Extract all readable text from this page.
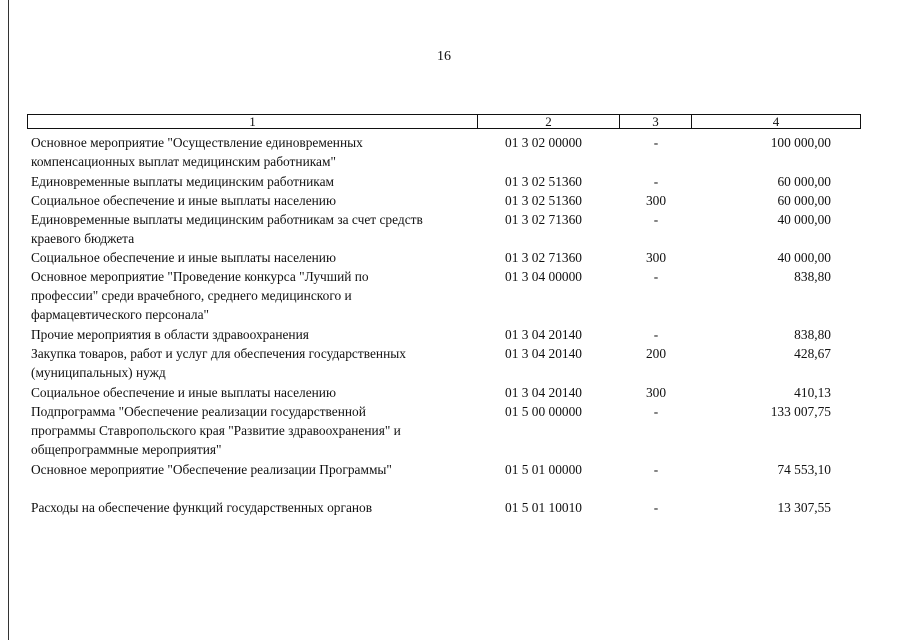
16
1	2	3	4
Основное мероприятие "Осуществление единовременных
компенсационных выплат медицинским работникам"
01 3 02 00000	-	100 000,00
Единовременные выплаты медицинским работникам	01 3 02 51360	-	60 000,00
Социальное обеспечение и иные выплаты населению	01 3 02 51360	300	60 000,00
Единовременные выплаты медицинским работникам за счет средств
краевого бюджета
01 3 02 71360	-	40 000,00
Социальное обеспечение и иные выплаты населению	01 3 02 71360	300	40 000,00
Основное мероприятие "Проведение конкурса "Лучший по
профессии" среди врачебного, среднего медицинского и
фармацевтического персонала"
01 3 04 00000	-	838,80
Прочие мероприятия в области здравоохранения	01 3 04 20140	-	838,80
Закупка товаров, работ и услуг для обеспечения государственных
(муниципальных) нужд
01 3 04 20140	200	428,67
Социальное обеспечение и иные выплаты населению	01 3 04 20140	300	410,13
Подпрограмма "Обеспечение реализации государственной
программы Ставропольского края "Развитие здравоохранения" и
общепрограммные мероприятия"
01 5 00 00000	-	133 007,75
Основное мероприятие "Обеспечение реализации Программы"	01 5 01 00000	-	74 553,10
Расходы на обеспечение функций государственных органов	01 5 01 10010	-	13 307,55
